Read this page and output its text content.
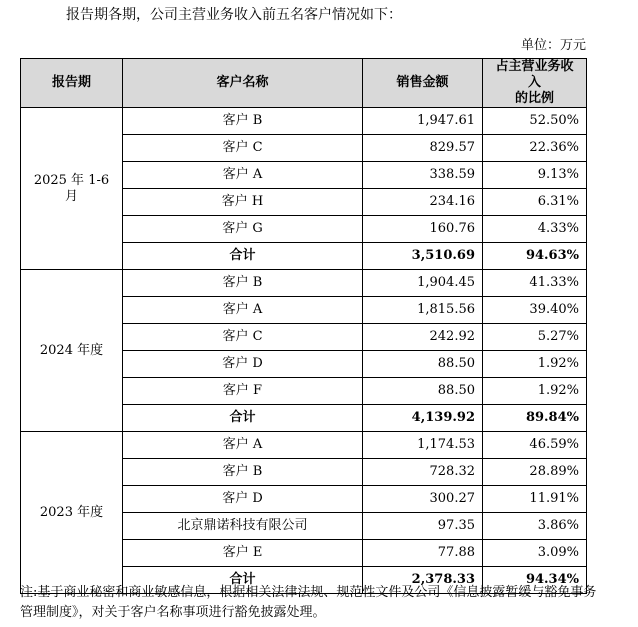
报告期各期，公司主营业务收入前五名客户情况如下：
单位：万元
报告期	客户名称	销售金额	占主营业务收入
的比例
2025 年 1-6 月	客户 B	1,947.61	52.50%
	客户 C	829.57	22.36%
	客户 A	338.59	9.13%
	客户 H	234.16	6.31%
	客户 G	160.76	4.33%
	合计	3,510.69	94.63%
2024 年度	客户 B	1,904.45	41.33%
	客户 A	1,815.56	39.40%
	客户 C	242.92	5.27%
	客户 D	88.50	1.92%
	客户 F	88.50	1.92%
	合计	4,139.92	89.84%
2023 年度	客户 A	1,174.53	46.59%
	客户 B	728.32	28.89%
	客户 D	300.27	11.91%
	北京鼎诺科技有限公司	97.35	3.86%
	客户 E	77.88	3.09%
	合计	2,378.33	94.34%
注:基于商业秘密和商业敏感信息，根据相关法律法规、规范性文件及公司《信息披露暂缓与豁免事务管理制度》，对关于客户名称事项进行豁免披露处理。
